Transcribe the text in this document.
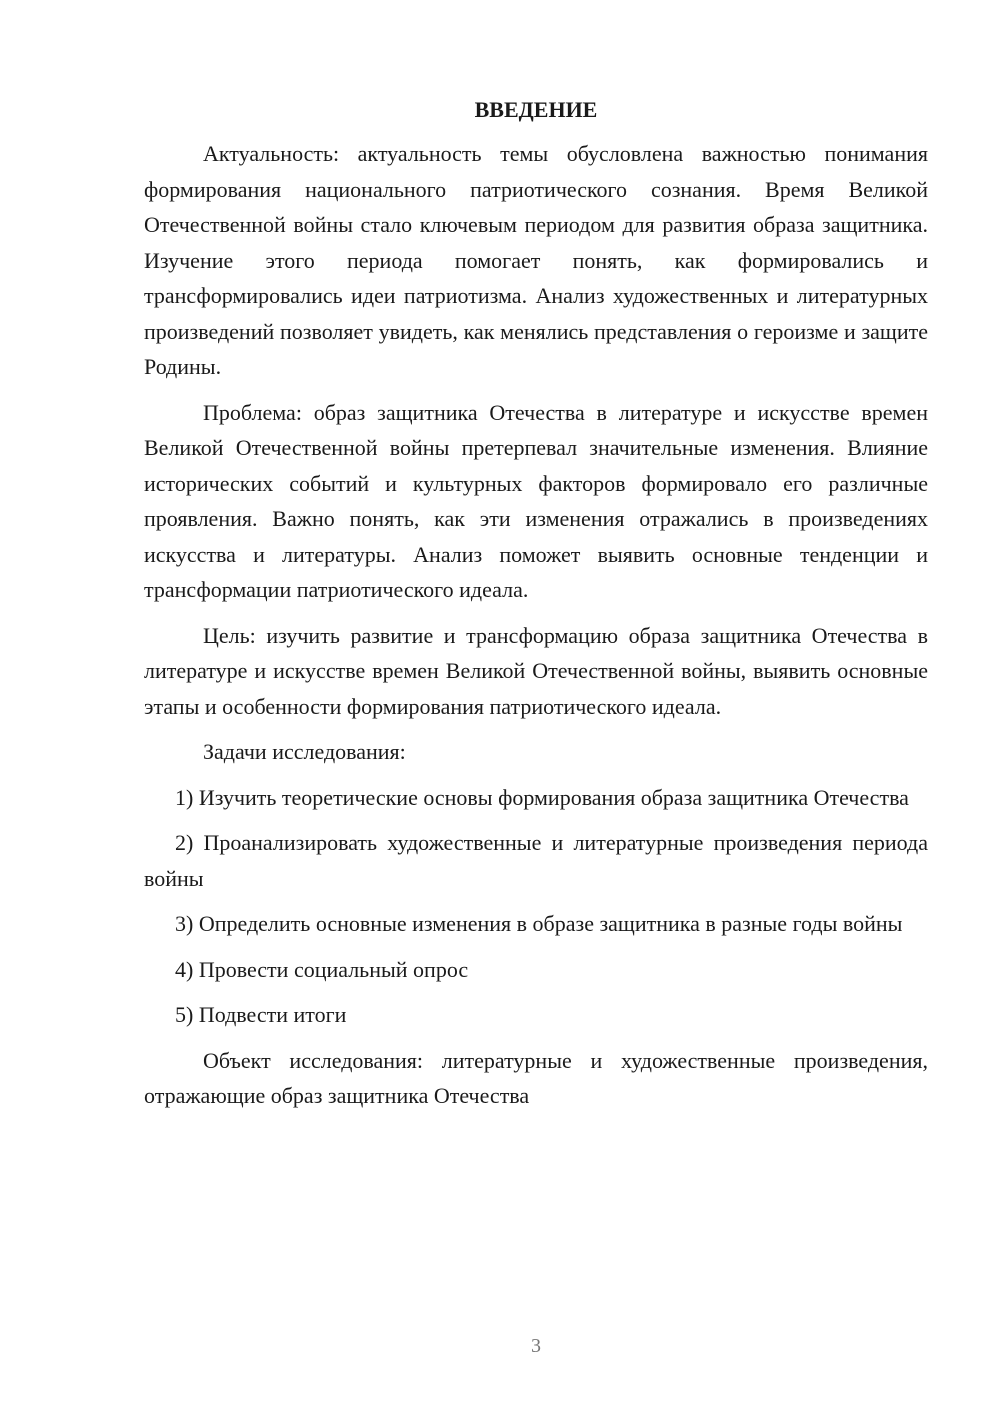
ВВЕДЕНИЕ

Актуальность: актуальность темы обусловлена важностью понимания формирования национального патриотического сознания. Время Великой Отечественной войны стало ключевым периодом для развития образа защитника. Изучение этого периода помогает понять, как формировались и трансформировались идеи патриотизма. Анализ художественных и литературных произведений позволяет увидеть, как менялись представления о героизме и защите Родины.

Проблема: образ защитника Отечества в литературе и искусстве времен Великой Отечественной войны претерпевал значительные изменения. Влияние исторических событий и культурных факторов формировало его различные проявления. Важно понять, как эти изменения отражались в произведениях искусства и литературы. Анализ поможет выявить основные тенденции и трансформации патриотического идеала.

Цель: изучить развитие и трансформацию образа защитника Отечества в литературе и искусстве времен Великой Отечественной войны, выявить основные этапы и особенности формирования патриотического идеала.

Задачи исследования:

1) Изучить теоретические основы формирования образа защитника Отечества

2) Проанализировать художественные и литературные произведения периода войны

3) Определить основные изменения в образе защитника в разные годы войны

4) Провести социальный опрос

5) Подвести итоги

Объект исследования: литературные и художественные произведения, отражающие образ защитника Отечества

3
